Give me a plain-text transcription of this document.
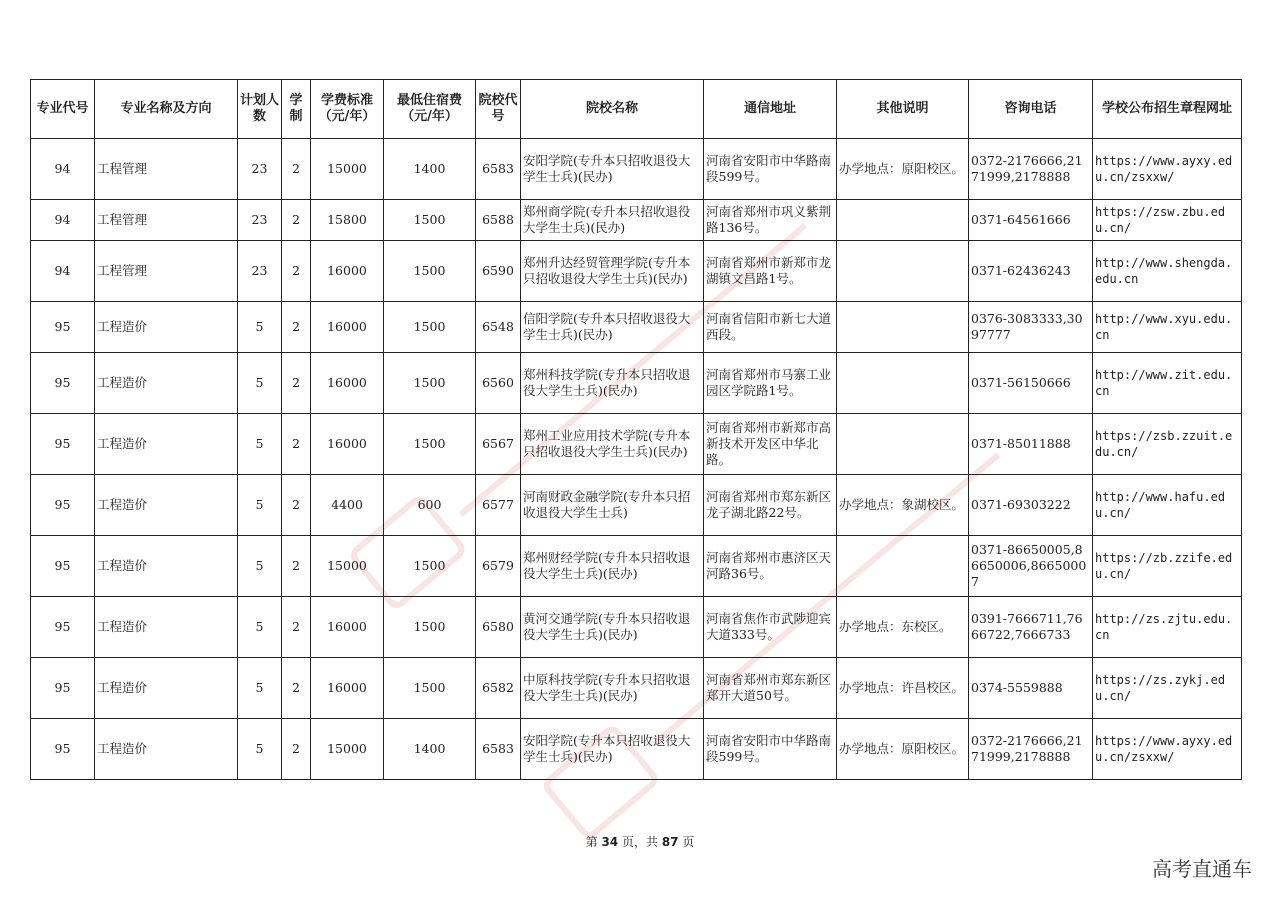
专业代号	专业名称及方向	计划人数	学制	学费标准（元/年）	最低住宿费（元/年）	院校代号	院校名称	通信地址	其他说明	咨询电话	学校公布招生章程网址
94	工程管理	23	2	15000	1400	6583	安阳学院(专升本只招收退役大学生士兵)(民办)	河南省安阳市中华路南段599号。	办学地点：原阳校区。	0372-2176666,2171999,2178888	https://www.ayxy.edu.cn/zsxxw/
94	工程管理	23	2	15800	1500	6588	郑州商学院(专升本只招收退役大学生士兵)(民办)	河南省郑州市巩义紫荆路136号。		0371-64561666	https://zsw.zbu.edu.cn/
94	工程管理	23	2	16000	1500	6590	郑州升达经贸管理学院(专升本只招收退役大学生士兵)(民办)	河南省郑州市新郑市龙湖镇文昌路1号。		0371-62436243	http://www.shengda.edu.cn
95	工程造价	5	2	16000	1500	6548	信阳学院(专升本只招收退役大学生士兵)(民办)	河南省信阳市新七大道西段。		0376-3083333,3097777	http://www.xyu.edu.cn
95	工程造价	5	2	16000	1500	6560	郑州科技学院(专升本只招收退役大学生士兵)(民办)	河南省郑州市马寨工业园区学院路1号。		0371-56150666	http://www.zit.edu.cn
95	工程造价	5	2	16000	1500	6567	郑州工业应用技术学院(专升本只招收退役大学生士兵)(民办)	河南省郑州市新郑市高新技术开发区中华北路。		0371-85011888	https://zsb.zzuit.edu.cn/
95	工程造价	5	2	4400	600	6577	河南财政金融学院(专升本只招收退役大学生士兵)	河南省郑州市郑东新区龙子湖北路22号。	办学地点：象湖校区。	0371-69303222	http://www.hafu.edu.cn/
95	工程造价	5	2	15000	1500	6579	郑州财经学院(专升本只招收退役大学生士兵)(民办)	河南省郑州市惠济区天河路36号。		0371-86650005,86650006,86650007	https://zb.zzife.edu.cn/
95	工程造价	5	2	16000	1500	6580	黄河交通学院(专升本只招收退役大学生士兵)(民办)	河南省焦作市武陟迎宾大道333号。	办学地点：东校区。	0391-7666711,7666722,7666733	http://zs.zjtu.edu.cn
95	工程造价	5	2	16000	1500	6582	中原科技学院(专升本只招收退役大学生士兵)(民办)	河南省郑州市郑东新区郑开大道50号。	办学地点：许昌校区。	0374-5559888	https://zs.zykj.edu.cn/
95	工程造价	5	2	15000	1400	6583	安阳学院(专升本只招收退役大学生士兵)(民办)	河南省安阳市中华路南段599号。	办学地点：原阳校区。	0372-2176666,2171999,2178888	https://www.ayxy.edu.cn/zsxxw/
第 34 页，共 87 页
高考直通车
